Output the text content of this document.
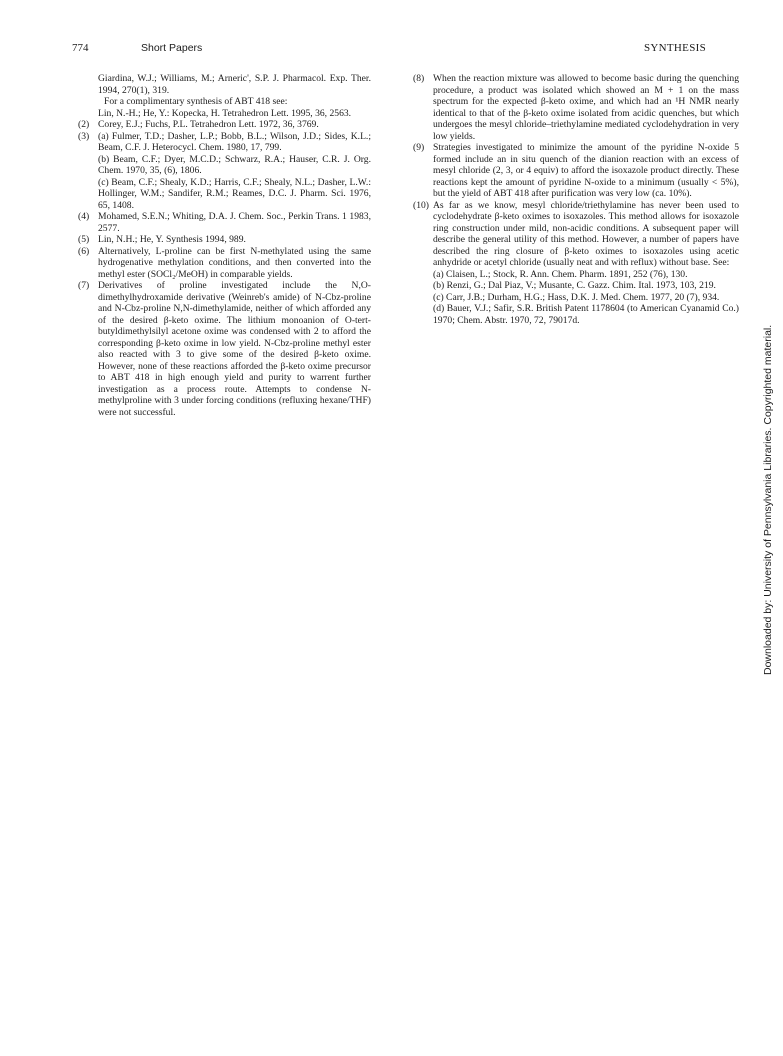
774	Short Papers	SYNTHESIS
Giardina, W.J.; Williams, M.; Arneric', S.P. J. Pharmacol. Exp. Ther. 1994, 270(1), 319.
For a complimentary synthesis of ABT 418 see:
Lin, N.-H.; He, Y.: Kopecka, H. Tetrahedron Lett. 1995, 36, 2563.
(2) Corey, E.J.; Fuchs, P.L. Tetrahedron Lett. 1972, 36, 3769.
(3) (a) Fulmer, T.D.; Dasher, L.P.; Bobb, B.L.; Wilson, J.D.; Sides, K.L.; Beam, C.F. J. Heterocycl. Chem. 1980, 17, 799.
(b) Beam, C.F.; Dyer, M.C.D.; Schwarz, R.A.; Hauser, C.R. J. Org. Chem. 1970, 35, (6), 1806.
(c) Beam, C.F.; Shealy, K.D.; Harris, C.F.; Shealy, N.L.; Dasher, L.W.: Hollinger, W.M.; Sandifer, R.M.; Reames, D.C. J. Pharm. Sci. 1976, 65, 1408.
(4) Mohamed, S.E.N.; Whiting, D.A. J. Chem. Soc., Perkin Trans. 1 1983, 2577.
(5) Lin, N.H.; He, Y. Synthesis 1994, 989.
(6) Alternatively, L-proline can be first N-methylated using the same hydrogenative methylation conditions, and then converted into the methyl ester (SOCl₂/MeOH) in comparable yields.
(7) Derivatives of proline investigated include the N,O-dimethylhydroxamide derivative (Weinreb's amide) of N-Cbz-proline and N-Cbz-proline N,N-dimethylamide, neither of which afforded any of the desired β-keto oxime. The lithium monoanion of O-tert-butyldimethylsilyl acetone oxime was condensed with 2 to afford the corresponding β-keto oxime in low yield. N-Cbz-proline methyl ester also reacted with 3 to give some of the desired β-keto oxime. However, none of these reactions afforded the β-keto oxime precursor to ABT 418 in high enough yield and purity to warrent further investigation as a process route. Attempts to condense N-methylproline with 3 under forcing conditions (refluxing hexane/THF) were not successful.
(8) When the reaction mixture was allowed to become basic during the quenching procedure, a product was isolated which showed an M + 1 on the mass spectrum for the expected β-keto oxime, and which had an ¹H NMR nearly identical to that of the β-keto oxime isolated from acidic quenches, but which undergoes the mesyl chloride–triethylamine mediated cyclodehydration in very low yields.
(9) Strategies investigated to minimize the amount of the pyridine N-oxide 5 formed include an in situ quench of the dianion reaction with an excess of mesyl chloride (2, 3, or 4 equiv) to afford the isoxazole product directly. These reactions kept the amount of pyridine N-oxide to a minimum (usually < 5%), but the yield of ABT 418 after purification was very low (ca. 10%).
(10) As far as we know, mesyl chloride/triethylamine has never been used to cyclodehydrate β-keto oximes to isoxazoles. This method allows for isoxazole ring construction under mild, non-acidic conditions. A subsequent paper will describe the general utility of this method. However, a number of papers have described the ring closure of β-keto oximes to isoxazoles using acetic anhydride or acetyl chloride (usually neat and with reflux) without base. See:
(a) Claisen, L.; Stock, R. Ann. Chem. Pharm. 1891, 252 (76), 130.
(b) Renzi, G.; Dal Piaz, V.; Musante, C. Gazz. Chim. Ital. 1973, 103, 219.
(c) Carr, J.B.; Durham, H.G.; Hass, D.K. J. Med. Chem. 1977, 20 (7), 934.
(d) Bauer, V.J.; Safir, S.R. British Patent 1178604 (to American Cyanamid Co.) 1970; Chem. Abstr. 1970, 72, 79017d.
Downloaded by: University of Pennsylvania Libraries. Copyrighted material.
